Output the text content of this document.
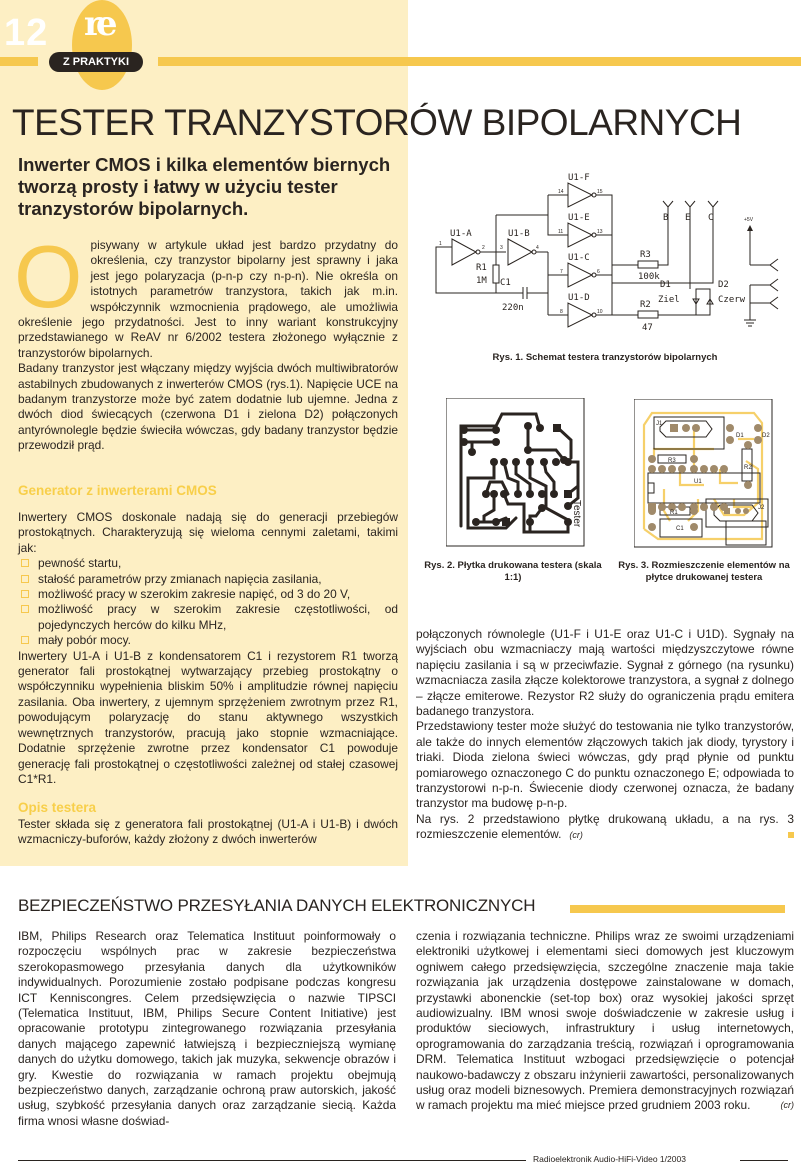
12 re
Z PRAKTYKI
TESTER TRANZYSTORÓW BIPOLARNYCH
Inwerter CMOS i kilka elementów biernych tworzą prosty i łatwy w użyciu tester tranzystorów bipolarnych.
O pisywany w artykule układ jest bardzo przydatny do określenia, czy tranzystor bipolarny jest sprawny i jaka jest jego polaryzacja (p-n-p czy n-p-n). Nie określa on istotnych parametrów tranzystora, takich jak m.in. współczynnik wzmocnienia prądowego, ale umożliwia określenie jego przydatności. Jest to inny wariant konstrukcyjny przedstawianego w ReAV nr 6/2002 testera złożonego wyłącznie z tranzystorów bipolarnych.

Badany tranzystor jest włączany między wyjścia dwóch multiwibratorów astabilnych zbudowanych z inwerterów CMOS (rys.1). Napięcie UCE na badanym tranzystorze może być zatem dodatnie lub ujemne. Jedna z dwóch diod świecących (czerwona D1 i zielona D2) połączonych antyrównolegle będzie świeciła wówczas, gdy badany tranzystor będzie przewodził prąd.

Generator z inwerterami CMOS

Inwertery CMOS doskonale nadają się do generacji przebiegów prostokątnych. Charakteryzują się wieloma cennymi zaletami, takimi jak:

pewność startu,
stałość parametrów przy zmianach napięcia zasilania,
możliwość pracy w szerokim zakresie napięć, od 3 do 20 V,
możliwość pracy w szerokim zakresie częstotliwości, od pojedynczych herców do kilku MHz,
mały pobór mocy.

Inwertery U1-A i U1-B z kondensatorem C1 i rezystorem R1 tworzą generator fali prostokątnej wytwarzający przebieg prostokątny o współczynniku wypełnienia bliskim 50% i amplitudzie równej napięciu zasilania. Oba inwertery, z ujemnym sprzężeniem zwrotnym przez R1, powodującym polaryzację do stanu aktywnego wszystkich wewnętrznych tranzystorów, pracują jako stopnie wzmacniające. Dodatnie sprzężenie zwrotne przez kondensator C1 powoduje generację fali prostokątnej o częstotliwości zależnej od stałej czasowej C1*R1.

Opis testera

Tester składa się z generatora fali prostokątnej (U1-A i U1-B) i dwóch wzmacniczy-buforów, każdy złożony z dwóch inwerterów

połączonych równolegle (U1-F i U1-E oraz U1-C i U1D). Sygnały na wyjściach obu wzmacniaczy mają wartości międzyszczytowe równe napięciu zasilania i są w przeciwfazie. Sygnał z górnego (na rysunku) wzmacniacza zasila złącze kolektorowe tranzystora, a sygnał z dolnego – złącze emiterowe. Rezystor R2 służy do ograniczenia prądu emitera badanego tranzystora.

Przedstawiony tester może służyć do testowania nie tylko tranzystorów, ale także do innych elementów złączowych takich jak diody, tyrystory i triaki. Dioda zielona świeci wówczas, gdy prąd płynie od punktu pomiarowego oznaczonego C do punktu oznaczonego E; odpowiada to tranzystorowi n-p-n. Świecenie diody czerwonej oznacza, że badany tranzystor ma budowę p-n-p.

Na rys. 2 przedstawiono płytkę drukowaną układu, a na rys. 3 rozmieszczenie elementów. (cr)

U1-A	U1-B
U1-F
U1-E
U1-C
U1-D
R1
1M C1
220n
R3
100k
R2
47
D1
Ziel
D2
Czerw
B E C	+5V
1
2	3	4
14	15
11	13
7	6
8	10
Rys. 1. Schemat testera tranzystorów bipolarnych
Tester
Rys. 2. Płytka drukowana testera (skala 1:1)
J1
J2
D1	D2
R3
U1
R2
R1
C1
Rys. 3. Rozmieszczenie elementów na płytce drukowanej testera
BEZPIECZEŃSTWO PRZESYŁANIA DANYCH ELEKTRONICZNYCH

IBM, Philips Research oraz Telematica Instituut poinformowały o rozpoczęciu wspólnych prac w zakresie bezpieczeństwa szerokopasmowego przesyłania danych dla użytkowników indywidualnych. Porozumienie zostało podpisane podczas kongresu ICT Kenniscongres. Celem przedsięwzięcia o nazwie TIPSCI (Telematica Instituut, IBM, Philips Secure Content Initiative) jest opracowanie prototypu zintegrowanego rozwiązania przesyłania danych mającego zapewnić łatwiejszą i bezpieczniejszą wymianę danych do użytku domowego, takich jak muzyka, sekwencje obrazów i gry. Kwestie do rozwiązania w ramach projektu obejmują bezpieczeństwo danych, zarządzanie ochroną praw autorskich, jakość usług, szybkość przesyłania danych oraz zarządzanie siecią. Każda firma wnosi własne doświad-

czenia i rozwiązania techniczne. Philips wraz ze swoimi urządzeniami elektroniki użytkowej i elementami sieci domowych jest kluczowym ogniwem całego przedsięwzięcia, szczególne znaczenie maja takie rozwiązania jak urządzenia dostępowe zainstalowane w domach, przystawki abonenckie (set-top box) oraz wysokiej jakości sprzęt audiowizualny. IBM wnosi swoje doświadczenie w zakresie usług i produktów sieciowych, infrastruktury i usług internetowych, oprogramowania do zarządzania treścią, rozwiązań i oprogramowania DRM. Telematica Instituut wzbogaci przedsięwzięcie o potencjał naukowo-badawczy z obszaru inżynierii zawartości, personalizowanych usług oraz modeli biznesowych. Premiera demonstracyjnych rozwiązań w ramach projektu ma mieć miejsce przed grudniem 2003 roku.	(cr)

Radioelektronik Audio-HiFi-Video 1/2003
